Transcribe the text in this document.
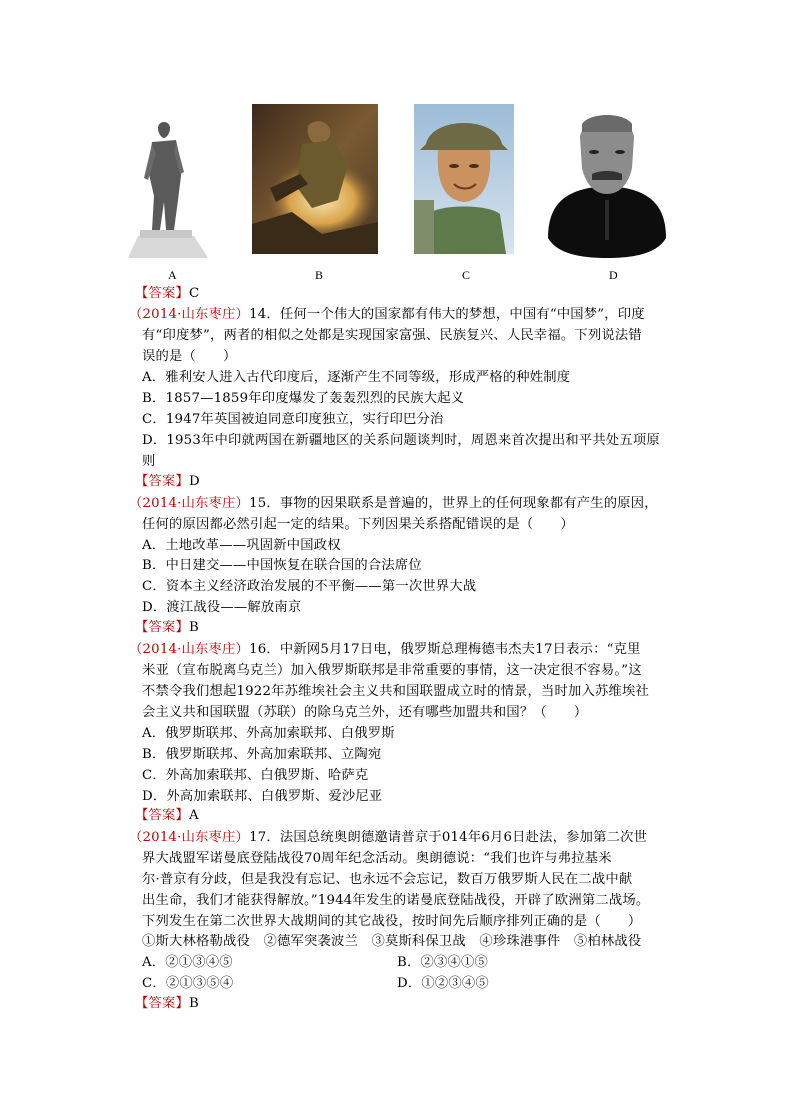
A	B	C	D
【答案】C
（2014·山东枣庄）14．任何一个伟大的国家都有伟大的梦想，中国有“中国梦”，印度
有“印度梦”，两者的相似之处都是实现国家富强、民族复兴、人民幸福。下列说法错
误的是（　　）
A．雅利安人进入古代印度后，逐渐产生不同等级，形成严格的种姓制度
B．1857—1859年印度爆发了轰轰烈烈的民族大起义
C．1947年英国被迫同意印度独立，实行印巴分治
D．1953年中印就两国在新疆地区的关系问题谈判时，周恩来首次提出和平共处五项原
则
【答案】D
（2014·山东枣庄）15．事物的因果联系是普遍的，世界上的任何现象都有产生的原因，
任何的原因都必然引起一定的结果。下列因果关系搭配错误的是（　　）
A．土地改革——巩固新中国政权
B．中日建交——中国恢复在联合国的合法席位
C．资本主义经济政治发展的不平衡——第一次世界大战
D．渡江战役——解放南京
【答案】B
（2014·山东枣庄）16．中新网5月17日电，俄罗斯总理梅德韦杰夫17日表示：“克里
米亚（宣布脱离乌克兰）加入俄罗斯联邦是非常重要的事情，这一决定很不容易。”这
不禁令我们想起1922年苏维埃社会主义共和国联盟成立时的情景，当时加入苏维埃社
会主义共和国联盟（苏联）的除乌克兰外，还有哪些加盟共和国？（　　）
A．俄罗斯联邦、外高加索联邦、白俄罗斯
B．俄罗斯联邦、外高加索联邦、立陶宛
C．外高加索联邦、白俄罗斯、哈萨克
D．外高加索联邦、白俄罗斯、爱沙尼亚
【答案】A
（2014·山东枣庄）17．法国总统奥朗德邀请普京于014年6月6日赴法，参加第二次世
界大战盟军诺曼底登陆战役70周年纪念活动。奥朗德说：“我们也许与弗拉基米
尔·普京有分歧，但是我没有忘记、也永远不会忘记，数百万俄罗斯人民在二战中献
出生命，我们才能获得解放。”1944年发生的诺曼底登陆战役，开辟了欧洲第二战场。
下列发生在第二次世界大战期间的其它战役，按时间先后顺序排列正确的是（　　）
①斯大林格勒战役　②德军突袭波兰　③莫斯科保卫战　④珍珠港事件　⑤柏林战役
A．②①③④⑤	B．②③④①⑤
C．②①③⑤④	D．①②③④⑤
【答案】B
